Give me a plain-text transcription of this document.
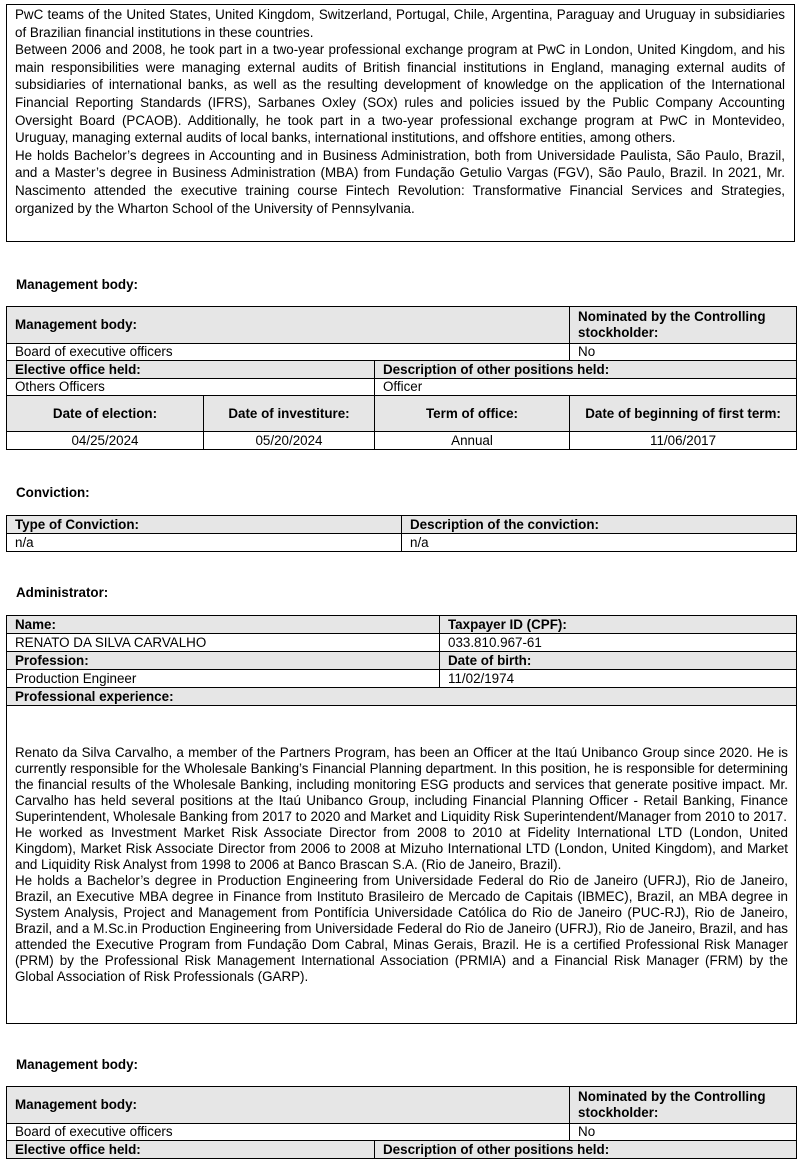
PwC teams of the United States, United Kingdom, Switzerland, Portugal, Chile, Argentina, Paraguay and Uruguay in subsidiaries of Brazilian financial institutions in these countries.

Between 2006 and 2008, he took part in a two-year professional exchange program at PwC in London, United Kingdom, and his main responsibilities were managing external audits of British financial institutions in England, managing external audits of subsidiaries of international banks, as well as the resulting development of knowledge on the application of the International Financial Reporting Standards (IFRS), Sarbanes Oxley (SOx) rules and policies issued by the Public Company Accounting Oversight Board (PCAOB). Additionally, he took part in a two-year professional exchange program at PwC in Montevideo, Uruguay, managing external audits of local banks, international institutions, and offshore entities, among others.

He holds Bachelor’s degrees in Accounting and in Business Administration, both from Universidade Paulista, São Paulo, Brazil, and a Master’s degree in Business Administration (MBA) from Fundação Getulio Vargas (FGV), São Paulo, Brazil. In 2021, Mr. Nascimento attended the executive training course Fintech Revolution: Transformative Financial Services and Strategies, organized by the Wharton School of the University of Pennsylvania.

Management body:
Management body:			Nominated by the Controlling stockholder:
Board of executive officers			No
Elective office held:		Description of other positions held:	
Others Officers		Officer	
Date of election:	Date of investiture:	Term of office:	Date of beginning of first term:
04/25/2024	05/20/2024	Annual	11/06/2017
Conviction:
Type of Conviction:	Description of the conviction:
n/a	n/a
Administrator:
Name:	Taxpayer ID (CPF):
RENATO DA SILVA CARVALHO	033.810.967-61
Profession:	Date of birth:
Production Engineer	11/02/1974
Professional experience:	

Renato da Silva Carvalho, a member of the Partners Program, has been an Officer at the Itaú Unibanco Group since 2020. He is currently responsible for the Wholesale Banking’s Financial Planning department. In this position, he is responsible for determining the financial results of the Wholesale Banking, including monitoring ESG products and services that generate positive impact. Mr. Carvalho has held several positions at the Itaú Unibanco Group, including Financial Planning Officer - Retail Banking, Finance Superintendent, Wholesale Banking from 2017 to 2020 and Market and Liquidity Risk Superintendent/Manager from 2010 to 2017.

He worked as Investment Market Risk Associate Director from 2008 to 2010 at Fidelity International LTD (London, United Kingdom), Market Risk Associate Director from 2006 to 2008 at Mizuho International LTD (London, United Kingdom), and Market and Liquidity Risk Analyst from 1998 to 2006 at Banco Brascan S.A. (Rio de Janeiro, Brazil).

He holds a Bachelor’s degree in Production Engineering from Universidade Federal do Rio de Janeiro (UFRJ), Rio de Janeiro, Brazil, an Executive MBA degree in Finance from Instituto Brasileiro de Mercado de Capitais (IBMEC), Brazil, an MBA degree in System Analysis, Project and Management from Pontifícia Universidade Católica do Rio de Janeiro (PUC-RJ), Rio de Janeiro, Brazil, and a M.Sc.in Production Engineering from Universidade Federal do Rio de Janeiro (UFRJ), Rio de Janeiro, Brazil, and has attended the Executive Program from Fundação Dom Cabral, Minas Gerais, Brazil. He is a certified Professional Risk Manager (PRM) by the Professional Risk Management International Association (PRMIA) and a Financial Risk Manager (FRM) by the Global Association of Risk Professionals (GARP).	

Management body:
Management body:		Nominated by the Controlling stockholder:
Board of executive officers		No
Elective office held:	Description of other positions held:	
